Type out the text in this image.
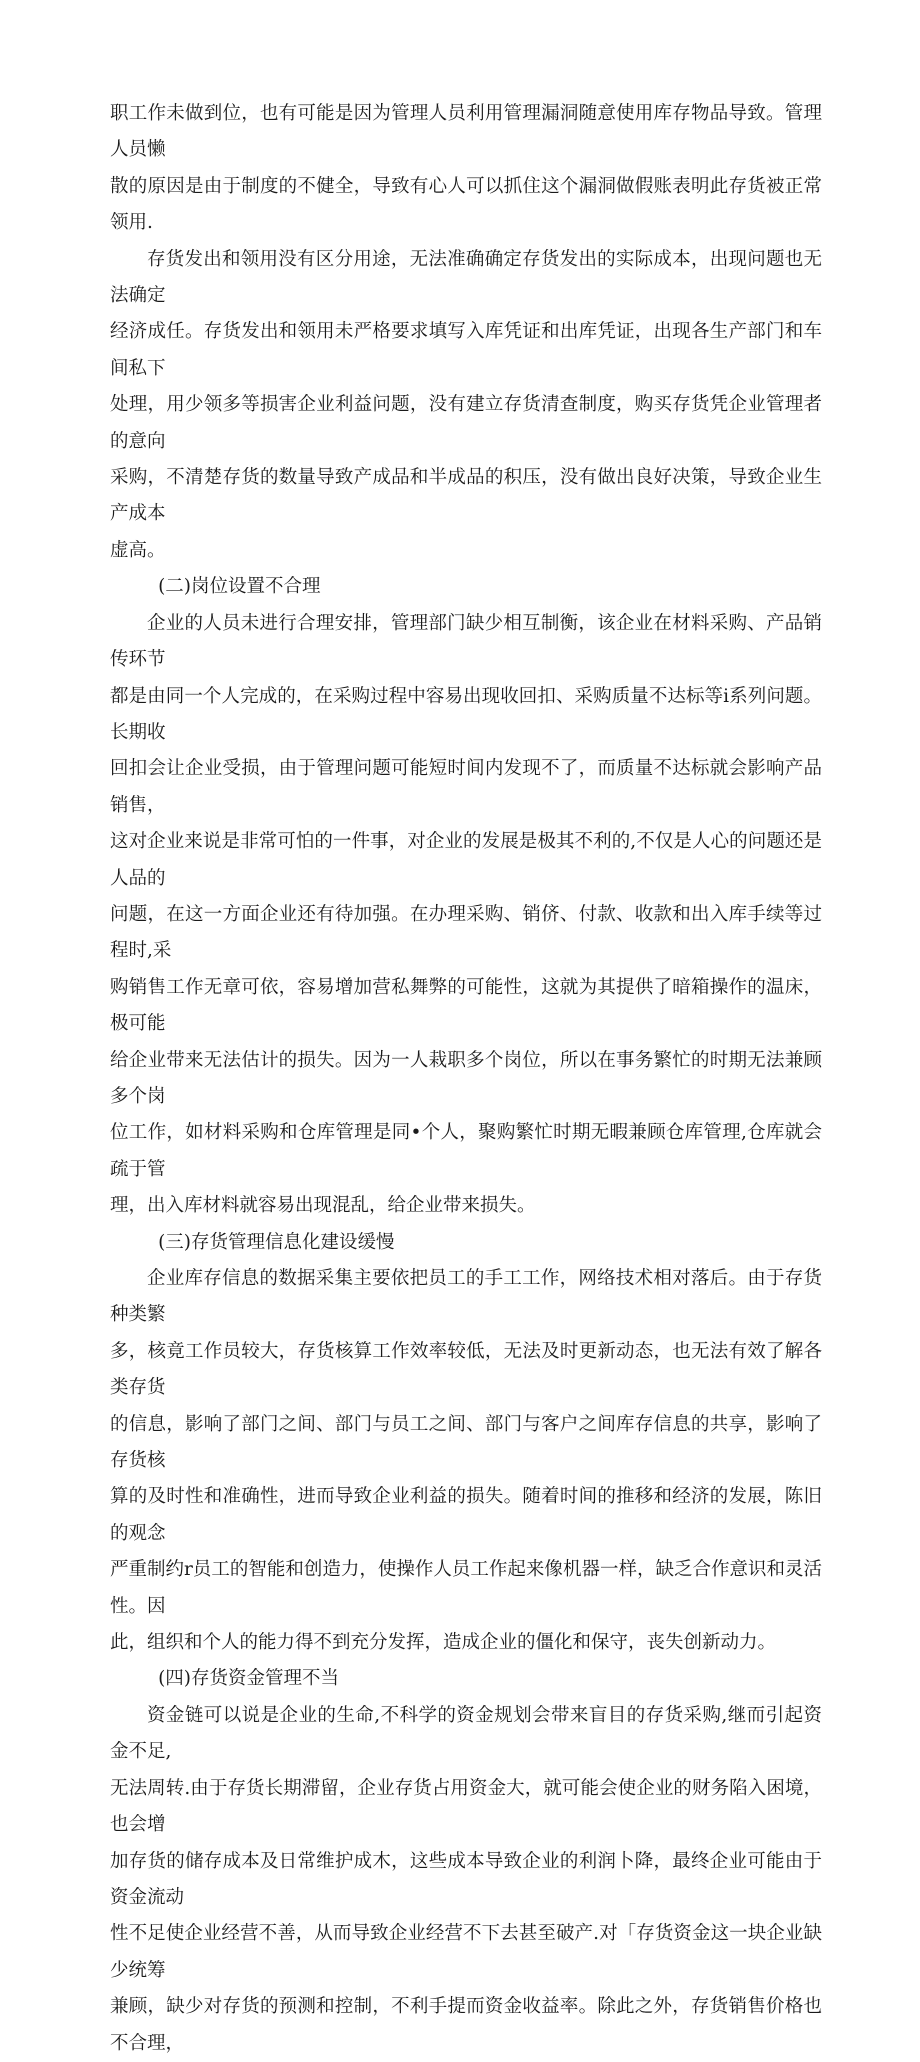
职工作未做到位，也有可能是因为管理人员利用管理漏洞随意使用库存物品导致。管理人员懒
散的原因是由于制度的不健全，导致有心人可以抓住这个漏洞做假账表明此存货被正常领用.

存货发出和领用没有区分用途，无法准确确定存货发出的实际成本，出现问题也无法确定
经济成任。存货发出和领用未严格要求填写入库凭证和出库凭证，出现各生产部门和车间私下
处理，用少领多等损害企业利益问题，没有建立存货清查制度，购买存货凭企业管理者的意向
采购，不清楚存货的数量导致产成品和半成品的积压，没有做出良好决策，导致企业生产成本
虚高。

(二)岗位设置不合理

企业的人员未进行合理安排，管理部门缺少相互制衡，该企业在材料采购、产品销传环节
都是由同一个人完成的，在采购过程中容易出现收回扣、采购质量不达标等i系列问题。长期收
回扣会让企业受损，由于管理问题可能短时间内发现不了，而质量不达标就会影响产品销售，
这对企业来说是非常可怕的一件事，对企业的发展是极其不利的,不仅是人心的问题还是人品的
问题，在这一方面企业还有待加强。在办理采购、销侪、付款、收款和出入库手续等过程时,采
购销售工作无章可依，容易增加营私舞弊的可能性，这就为其提供了暗箱操作的温床，极可能
给企业带来无法估计的损失。因为一人栽职多个岗位，所以在事务繁忙的时期无法兼顾多个岗
位工作，如材料采购和仓库管理是同•个人，聚购繁忙时期无暇兼顾仓库管理,仓库就会疏于管
理，出入库材料就容易出现混乱，给企业带来损失。

(三)存货管理信息化建设缓慢

企业库存信息的数据采集主要依把员工的手工工作，网络技术相对落后。由于存货种类繁
多，核竟工作员较大，存货核算工作效率较低，无法及时更新动态，也无法有效了解各类存货
的信息，影响了部门之间、部门与员工之间、部门与客户之间库存信息的共享，影响了存货核
算的及时性和准确性，进而导致企业利益的损失。随着时间的推移和经济的发展，陈旧的观念
严重制约r员工的智能和创造力，使操作人员工作起来像机器一样，缺乏合作意识和灵活性。因
此，组织和个人的能力得不到充分发挥，造成企业的僵化和保守，丧失创新动力。

(四)存货资金管理不当

资金链可以说是企业的生命,不科学的资金规划会带来盲目的存货采购,继而引起资金不足,
无法周转.由于存货长期滞留，企业存货占用资金大，就可能会使企业的财务陷入困境，也会增
加存货的储存成本及日常维护成木，这些成本导致企业的利润卜降，最终企业可能由于资金流动
性不足使企业经营不善，从而导致企业经营不下去甚至破产.对「存货资金这一块企业缺少统筹
兼顾，缺少对存货的预测和控制，不利手提而资金收益率。除此之外，存货销售价格也不合理，
